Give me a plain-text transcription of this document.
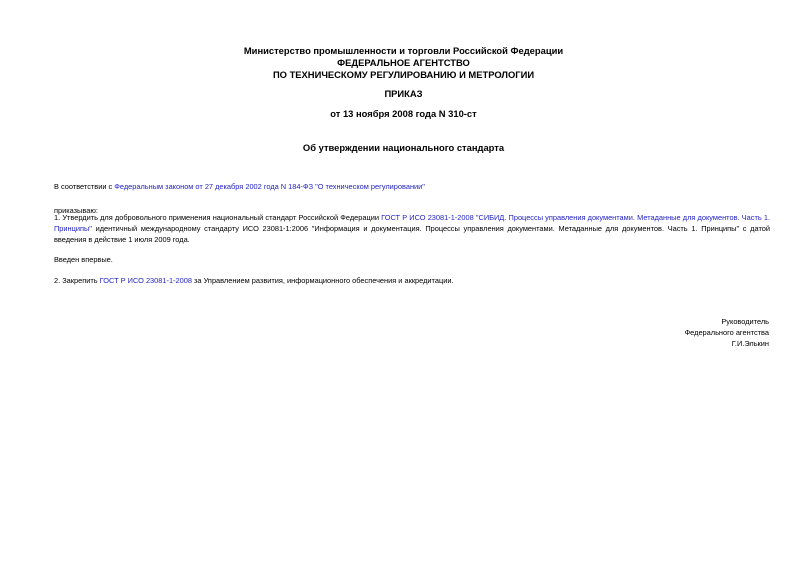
Министерство промышленности и торговли Российской Федерации
ФЕДЕРАЛЬНОЕ АГЕНТСТВО
ПО ТЕХНИЧЕСКОМУ РЕГУЛИРОВАНИЮ И МЕТРОЛОГИИ
ПРИКАЗ
от 13 ноября 2008 года N 310-ст
Об утверждении национального стандарта
В соответствии с Федеральным законом от 27 декабря 2002 года N 184-ФЗ "О техническом регулировании"
приказываю:
1. Утвердить для добровольного применения национальный стандарт Российской Федерации ГОСТ Р ИСО 23081-1-2008 "СИБИД. Процессы управления документами. Метаданные для документов. Часть 1. Принципы" идентичный международному стандарту ИСО 23081-1:2006 "Информация и документация. Процессы управления документами. Метаданные для документов. Часть 1. Принципы" с датой введения в действие 1 июля 2009 года.
Введен впервые.
2. Закрепить ГОСТ Р ИСО 23081-1-2008 за Управлением развития, информационного обеспечения и аккредитации.
Руководитель
Федерального агентства
Г.И.Элькин
